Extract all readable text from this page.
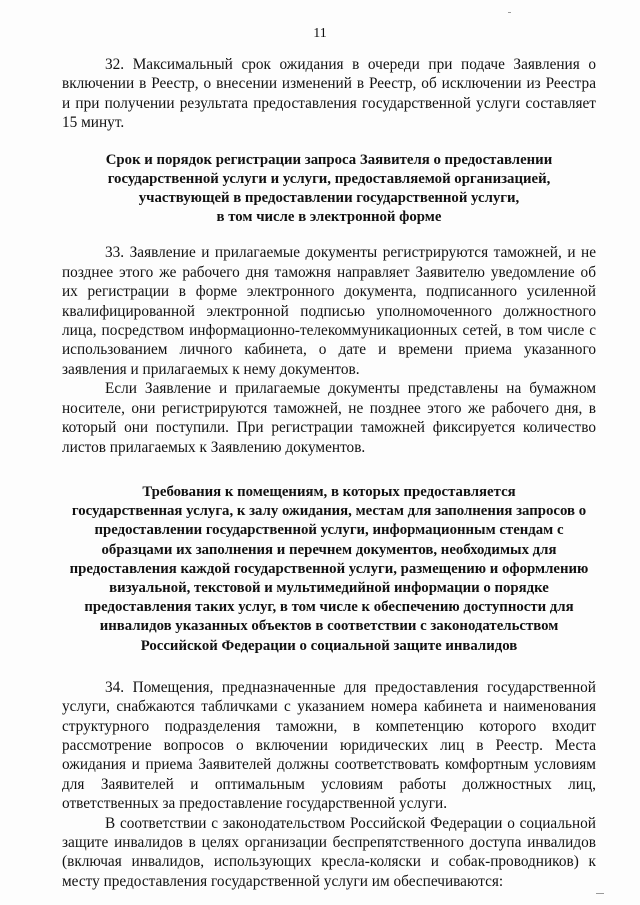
11

32. Максимальный срок ожидания в очереди при подаче Заявления о включении в Реестр, о внесении изменений в Реестр, об исключении из Реестра и при получении результата предоставления государственной услуги составляет 15 минут.

Срок и порядок регистрации запроса Заявителя о предоставлении

государственной услуги и услуги, предоставляемой организацией,

участвующей в предоставлении государственной услуги,

в том числе в электронной форме

33. Заявление и прилагаемые документы регистрируются таможней, и не позднее этого же рабочего дня таможня направляет Заявителю уведомление об их регистрации в форме электронного документа, подписанного усиленной квалифицированной электронной подписью уполномоченного должностного лица, посредством информационно-телекоммуникационных сетей, в том числе с использованием личного кабинета, о дате и времени приема указанного заявления и прилагаемых к нему документов.

Если Заявление и прилагаемые документы представлены на бумажном носителе, они регистрируются таможней, не позднее этого же рабочего дня, в который они поступили. При регистрации таможней фиксируется количество листов прилагаемых к Заявлению документов.

Требования к помещениям, в которых предоставляется

государственная услуга, к залу ожидания, местам для заполнения запросов о

предоставлении государственной услуги, информационным стендам с

образцами их заполнения и перечнем документов, необходимых для

предоставления каждой государственной услуги, размещению и оформлению

визуальной, текстовой и мультимедийной информации о порядке

предоставления таких услуг, в том числе к обеспечению доступности для

инвалидов указанных объектов в соответствии с законодательством

Российской Федерации о социальной защите инвалидов

34. Помещения, предназначенные для предоставления государственной услуги, снабжаются табличками с указанием номера кабинета и наименования структурного подразделения таможни, в компетенцию которого входит рассмотрение вопросов о включении юридических лиц в Реестр. Места ожидания и приема Заявителей должны соответствовать комфортным условиям для Заявителей и оптимальным условиям работы должностных лиц, ответственных за предоставление государственной услуги.

В соответствии с законодательством Российской Федерации о социальной защите инвалидов в целях организации беспрепятственного доступа инвалидов (включая инвалидов, использующих кресла-коляски и собак-проводников) к месту предоставления государственной услуги им обеспечиваются:
